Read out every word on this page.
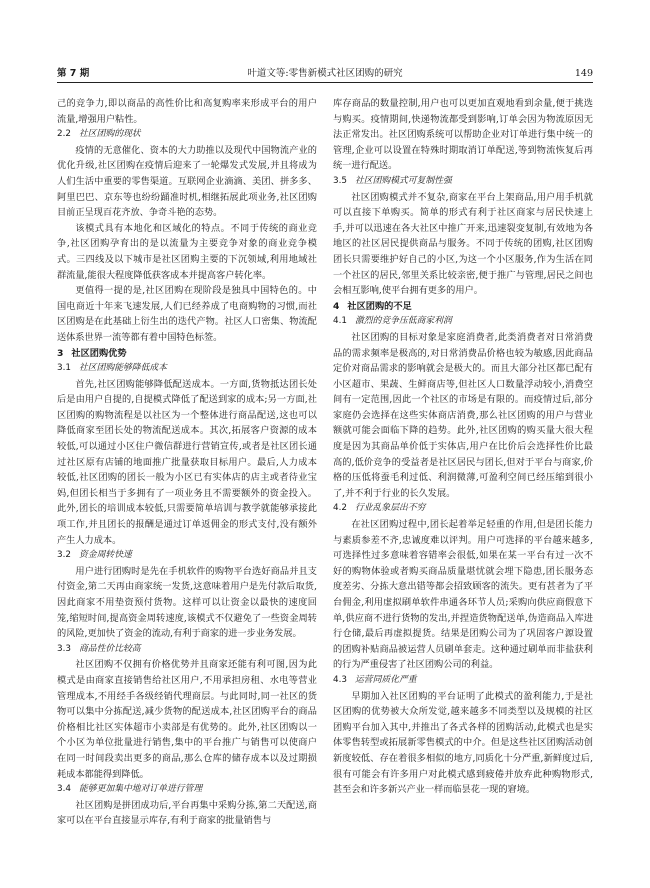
第 7 期	叶道文等:零售新模式社区团购的研究	149

己的竞争力,即以商品的高性价比和高复购率来形成平台的用户流量,增强用户粘性。

2.2 社区团购的现状

疫情的无意催化、资本的大力助推以及现代中国物流产业的优化升级,社区团购在疫情后迎来了一轮爆发式发展,并且将成为人们生活中重要的零售渠道。互联网企业滴滴、美团、拼多多、阿里巴巴、京东等也纷纷踊准时机,相继拓展此项业务,社区团购目前正呈现百花齐放、争奇斗艳的态势。

该模式具有本地化和区域化的特点。不同于传统的商业竞争,社区团购孕育出的是以流量为主要竞争对象的商业竞争模式。三四线及以下城市是社区团购主要的下沉领域,利用地域社群流量,能很大程度降低获客成本并提高客户转化率。

更值得一提的是,社区团购在现阶段是独具中国特色的。中国电商近十年来飞速发展,人们已经养成了电商购物的习惯,而社区团购是在此基础上衍生出的迭代产物。社区人口密集、物流配送体系世界一流等都有着中国特色标签。

3 社区团购优势
3.1 社区团购能够降低成本

首先,社区团购能够降低配送成本。一方面,货物抵达团长处后是由用户自提的,自提模式降低了配送到家的成本;另一方面,社区团购的购物流程是以社区为一个整体进行商品配送,这也可以降低商家至团长处的物流配送成本。其次,拓展客户资源的成本较低,可以通过小区住户微信群进行营销宣传,或者是社区团长通过社区原有店铺的地面推广批量获取目标用户。最后,人力成本较低,社区团购的团长一般为小区已有实体店的店主或者待业宝妈,但团长相当于多拥有了一项业务且不需要额外的资金投入。此外,团长的培训成本较低,只需要简单培训与教学就能够承接此项工作,并且团长的报酬是通过订单返佣金的形式支付,没有额外产生人力成本。

3.2 资金周转快速

用户进行团购时是先在手机软件的购物平台选好商品并且支付资金,第二天再由商家统一发货,这意味着用户是先付款后取货,因此商家不用垫资预付货物。这样可以让资金以最快的速度回笼,缩短时间,提高资金周转速度,该模式不仅避免了一些资金周转的风险,更加快了资金的流动,有利于商家的进一步业务发展。

3.3 商品性价比较高

社区团购不仅拥有价格优势并且商家还能有利可图,因为此模式是由商家直接销售给社区用户,不用承担房租、水电等营业管理成本,不用经手各级经销代理商层。与此同时,同一社区的货物可以集中分拣配送,减少货物的配送成本,社区团购平台的商品价格相比社区实体超市小卖部是有优势的。此外,社区团购以一个小区为单位批量进行销售,集中的平台推广与销售可以使商户在同一时间段卖出更多的商品,那么仓库的储存成本以及过期损耗成本都能得到降低。

3.4 能够更加集中地对订单进行管理

社区团购是拼团成功后,平台再集中采购分拣,第二天配送,商家可以在平台直接显示库存,有利于商家的批量销售与

库存商品的数量控制,用户也可以更加直观地看到余量,便于挑选与购买。疫情期间,快递物流都受到影响,订单会因为物流原因无法正常发出。社区团购系统可以帮助企业对订单进行集中统一的管理,企业可以设置在特殊时期取消订单配送,等到物流恢复后再统一进行配送。

3.5 社区团购模式可复制性强

社区团购模式并不复杂,商家在平台上架商品,用户用手机就可以直接下单购买。简单的形式有利于社区商家与居民快速上手,并可以迅速在各大社区中推广开来,迅速裂变复制,有效地为各地区的社区居民提供商品与服务。不同于传统的团购,社区团购团长只需要维护好自己的小区,为这一个小区服务,作为生活在同一个社区的居民,邻里关系比较亲密,便于推广与管理,居民之间也会相互影响,使平台拥有更多的用户。

4 社区团购的不足
4.1 激烈的竞争压低商家利润

社区团购的目标对象是家庭消费者,此类消费者对日常消费品的需求频率是极高的,对日常消费品价格也较为敏感,因此商品定价对商品需求的影响就会是极大的。而且大部分社区都已配有小区超市、果蔬、生鲜商店等,但社区人口数量浮动较小,消费空间有一定范围,因此一个社区的市场是有限的。而疫情过后,部分家庭仍会选择在这些实体商店消费,那么社区团购的用户与营业额就可能会面临下降的趋势。此外,社区团购的购买量大很大程度是因为其商品单价低于实体店,用户在比价后会选择性价比最高的,低价竞争的受益者是社区居民与团长,但对于平台与商家,价格的压低将蚕毛利过低、利润微薄,可盈利空间已经压缩到很小了,并不利于行业的长久发展。

4.2 行业乱象层出不穷

在社区团购过程中,团长起着举足轻重的作用,但是团长能力与素质参差不齐,忠诚度难以评判。用户可选择的平台越来越多,可选择性过多意味着容错率会很低,如果在某一平台有过一次不好的购物体验或者购买商品质量堪忧就会埋下隐患,团长服务态度差劣、分拣大意出错等都会招致顾客的流失。更有甚者为了平台佣金,利用虚拟刷单软件串通各环节人员;采购向供应商假意下单,供应商不进行货物的发出,并捏造货物配送单,伪造商品入库进行仓储,最后再虚拟提货。结果是团购公司为了巩固客户源设置的团购补贴商品被运营人员刷单套走。这种通过刷单而非盐获利的行为严重侵害了社区团购公司的利益。

4.3 运营同质化严重

早期加入社区团购的平台证明了此模式的盈利能力,于是社区团购的优势被大众所发觉,越来越多不同类型以及规模的社区团购平台加入其中,并推出了各式各样的团购活动,此模式也是实体零售转型或拓展新零售模式的中介。但是这些社区团购活动创新度较低、存在着很多相似的地方,同质化十分严重,新鲜度过后,很有可能会有许多用户对此模式感到疲倦并放弃此种购物形式,甚至会和许多新兴产业一样而临昙花一现的窘境。
